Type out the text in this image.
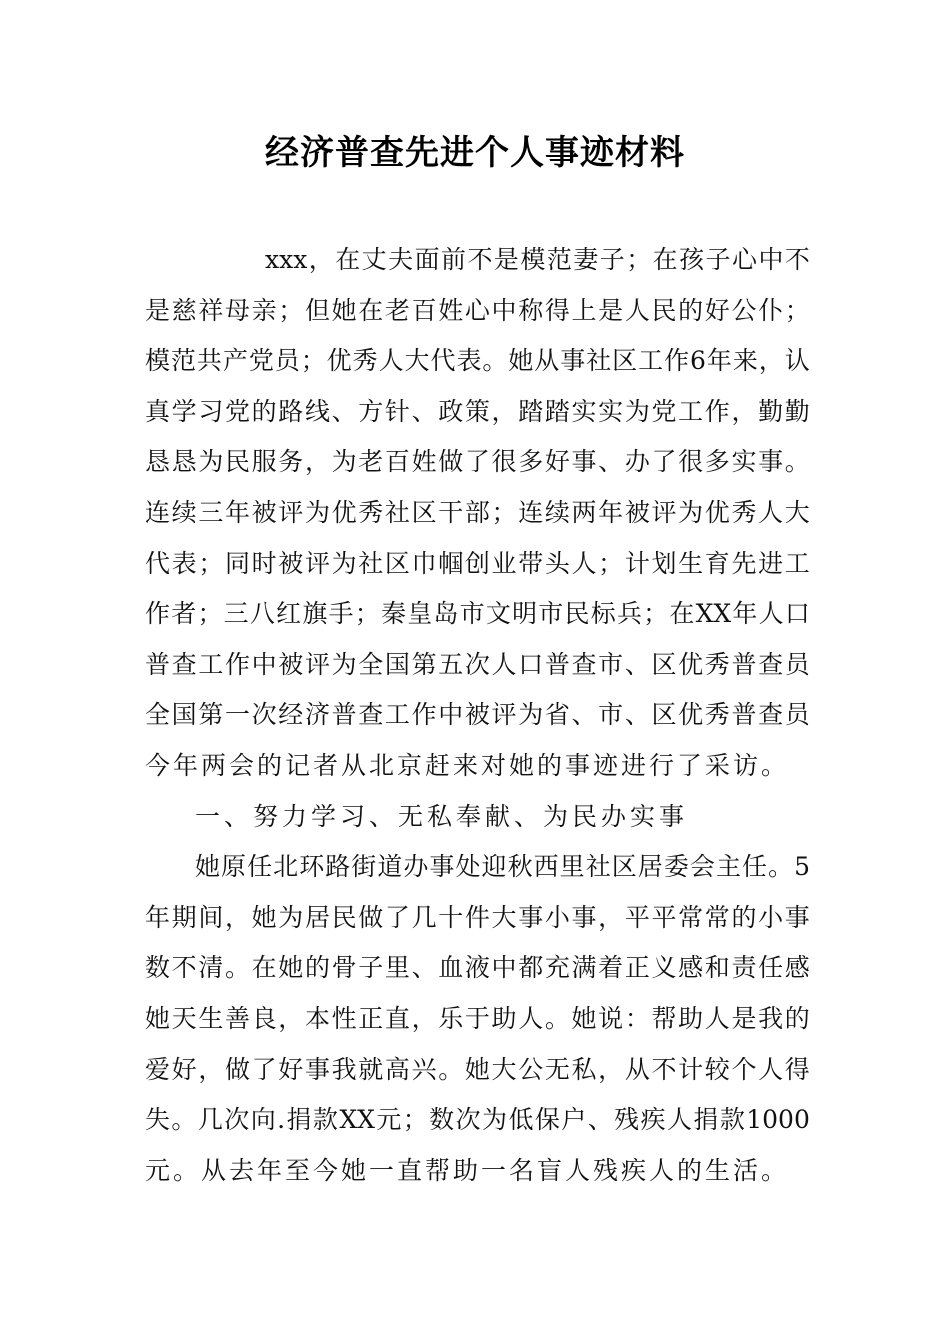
经济普查先进个人事迹材料
xxx ， 在 丈 夫 面 前 不 是 模 范 妻 子 ； 在 孩 子 心 中 不
是 慈 祥 母 亲 ； 但 她 在 老 百 姓 心 中 称 得 上 是 人 民 的 好 公 仆 ；
模 范 共 产 党 员 ； 优 秀 人 大 代 表 。 她 从 事 社 区 工 作 6 年 来 ， 认
真 学 习 党 的 路 线 、 方 针 、 政 策 ， 踏 踏 实 实 为 党 工 作 ， 勤 勤
恳 恳 为 民 服 务 ， 为 老 百 姓 做 了 很 多 好 事 、 办 了 很 多 实 事 。
连 续 三 年 被 评 为 优 秀 社 区 干 部 ； 连 续 两 年 被 评 为 优 秀 人 大
代 表 ； 同 时 被 评 为 社 区 巾 帼 创 业 带 头 人 ； 计 划 生 育 先 进 工
作 者 ； 三 八 红 旗 手 ； 秦 皇 岛 市 文 明 市 民 标 兵 ； 在 XX 年 人 口
普 查 工 作 中 被 评 为 全 国 第 五 次 人 口 普 查 市 、 区 优 秀 普 查 员
全 国 第 一 次 经 济 普 查 工 作 中 被 评 为 省 、 市 、 区 优 秀 普 查 员
今年两会的记者从北京赶来对她的事迹进行了采访。
一、努力学习、无私奉献、为民办实事
她 原 任 北 环 路 街 道 办 事 处 迎 秋 西 里 社 区 居 委 会 主 任 。 5
年 期 间 ， 她 为 居 民 做 了 几 十 件 大 事 小 事 ， 平 平 常 常 的 小 事
数 不 清 。 在 她 的 骨 子 里 、 血 液 中 都 充 满 着 正 义 感 和 责 任 感
她 天 生 善 良 ， 本 性 正 直 ， 乐 于 助 人 。 她 说 ： 帮 助 人 是 我 的
爱 好 ， 做 了 好 事 我 就 高 兴 。 她 大 公 无 私 ， 从 不 计 较 个 人 得
失 。 几 次 向 . 捐 款 XX 元 ； 数 次 为 低 保 户 、 残 疾 人 捐 款 1000
元。从去年至今她一直帮助一名盲人残疾人的生活。
